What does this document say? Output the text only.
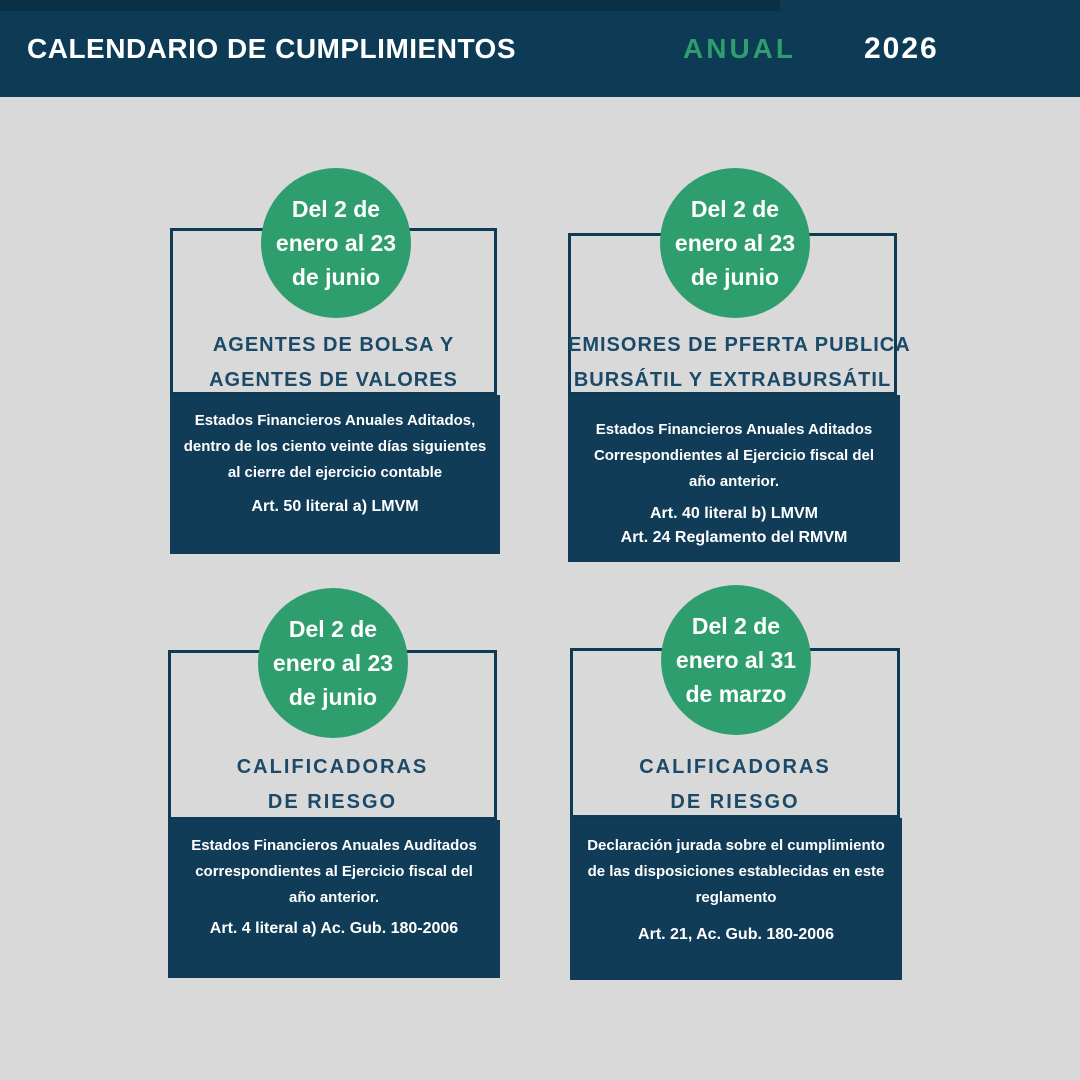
CALENDARIO DE CUMPLIMIENTOS	ANUAL 2026
Del 2 de
enero al 23
de junio
AGENTES DE BOLSA Y
AGENTES DE VALORES
Estados Financieros Anuales Aditados,
dentro de los ciento veinte días siguientes
al cierre del ejercicio contable
Art. 50 literal a) LMVM
Del 2 de
enero al 23
de junio
EMISORES DE PFERTA PUBLICA
BURSÁTIL Y EXTRABURSÁTIL
Estados Financieros Anuales Aditados
Correspondientes al Ejercicio fiscal del
año anterior.
Art. 40 literal b) LMVM
Art. 24 Reglamento del RMVM
Del 2 de
enero al 23
de junio
CALIFICADORAS
DE RIESGO
Estados Financieros Anuales Auditados
correspondientes al Ejercicio fiscal del
año anterior.
Art. 4 literal a) Ac. Gub. 180-2006
Del 2 de
enero al 31
de marzo
CALIFICADORAS
DE RIESGO
Declaración jurada sobre el cumplimiento
de las disposiciones establecidas en este
reglamento
Art. 21, Ac. Gub. 180-2006
